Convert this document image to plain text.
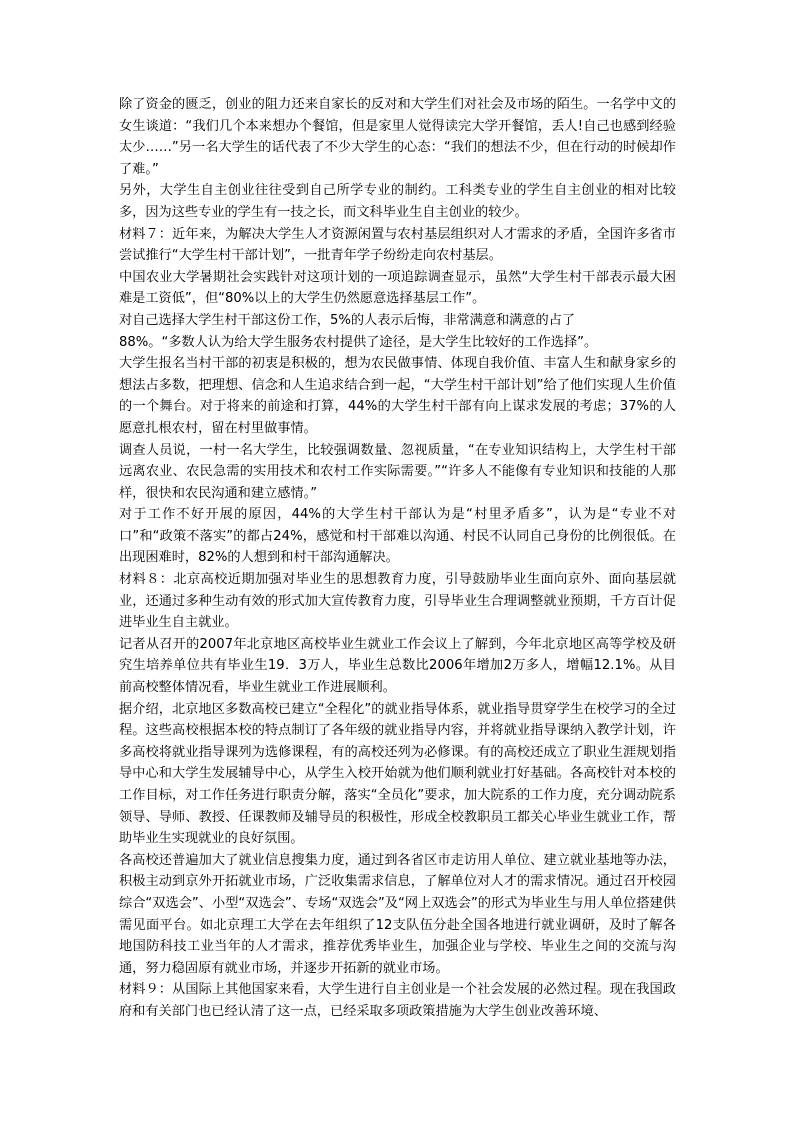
除了资金的匮乏，创业的阻力还来自家长的反对和大学生们对社会及市场的陌生。一名学中文的女生谈道：“我们几个本来想办个餐馆，但是家里人觉得读完大学开餐馆，丢人!自己也感到经验太少……”另一名大学生的话代表了不少大学生的心态：“我们的想法不少，但在行动的时候却作了难。”

另外，大学生自主创业往往受到自己所学专业的制约。工科类专业的学生自主创业的相对比较多，因为这些专业的学生有一技之长，而文科毕业生自主创业的较少。

材料７：近年来，为解决大学生人才资源闲置与农村基层组织对人才需求的矛盾，全国许多省市尝试推行“大学生村干部计划”，一批青年学子纷纷走向农村基层。

中国农业大学暑期社会实践针对这项计划的一项追踪调查显示，虽然“大学生村干部表示最大困难是工资低”，但“80%以上的大学生仍然愿意选择基层工作”。

对自己选择大学生村干部这份工作，5%的人表示后悔，非常满意和满意的占了

88%。“多数人认为给大学生服务农村提供了途径，是大学生比较好的工作选择”。

大学生报名当村干部的初衷是积极的，想为农民做事情、体现自我价值、丰富人生和献身家乡的想法占多数，把理想、信念和人生追求结合到一起，“大学生村干部计划”给了他们实现人生价值的一个舞台。对于将来的前途和打算，44%的大学生村干部有向上谋求发展的考虑；37%的人愿意扎根农村，留在村里做事情。

调查人员说，一村一名大学生，比较强调数量、忽视质量，“在专业知识结构上，大学生村干部远离农业、农民急需的实用技术和农村工作实际需要。”“许多人不能像有专业知识和技能的人那样，很快和农民沟通和建立感情。”

对于工作不好开展的原因，44%的大学生村干部认为是“村里矛盾多”，认为是“专业不对口”和“政策不落实”的都占24%，感觉和村干部难以沟通、村民不认同自己身份的比例很低。在出现困难时，82%的人想到和村干部沟通解决。

材料８：北京高校近期加强对毕业生的思想教育力度，引导鼓励毕业生面向京外、面向基层就业，还通过多种生动有效的形式加大宣传教育力度，引导毕业生合理调整就业预期，千方百计促进毕业生自主就业。

记者从召开的2007年北京地区高校毕业生就业工作会议上了解到，今年北京地区高等学校及研究生培养单位共有毕业生19．3万人，毕业生总数比2006年增加2万多人，增幅12.1%。从目前高校整体情况看，毕业生就业工作进展顺利。

据介绍，北京地区多数高校已建立“全程化”的就业指导体系，就业指导贯穿学生在校学习的全过程。这些高校根据本校的特点制订了各年级的就业指导内容，并将就业指导课纳入教学计划，许多高校将就业指导课列为选修课程，有的高校还列为必修课。有的高校还成立了职业生涯规划指导中心和大学生发展辅导中心，从学生入校开始就为他们顺利就业打好基础。各高校针对本校的工作目标，对工作任务进行职责分解，落实“全员化”要求，加大院系的工作力度，充分调动院系领导、导师、教授、任课教师及辅导员的积极性，形成全校教职员工都关心毕业生就业工作，帮助毕业生实现就业的良好氛围。

各高校还普遍加大了就业信息搜集力度，通过到各省区市走访用人单位、建立就业基地等办法，积极主动到京外开拓就业市场，广泛收集需求信息，了解单位对人才的需求情况。通过召开校园综合“双选会”、小型“双选会”、专场“双选会”及“网上双选会”的形式为毕业生与用人单位搭建供需见面平台。如北京理工大学在去年组织了12支队伍分赴全国各地进行就业调研，及时了解各地国防科技工业当年的人才需求，推荐优秀毕业生，加强企业与学校、毕业生之间的交流与沟通，努力稳固原有就业市场，并逐步开拓新的就业市场。

材料９：从国际上其他国家来看，大学生进行自主创业是一个社会发展的必然过程。现在我国政府和有关部门也已经认清了这一点，已经采取多项政策措施为大学生创业改善环境、
